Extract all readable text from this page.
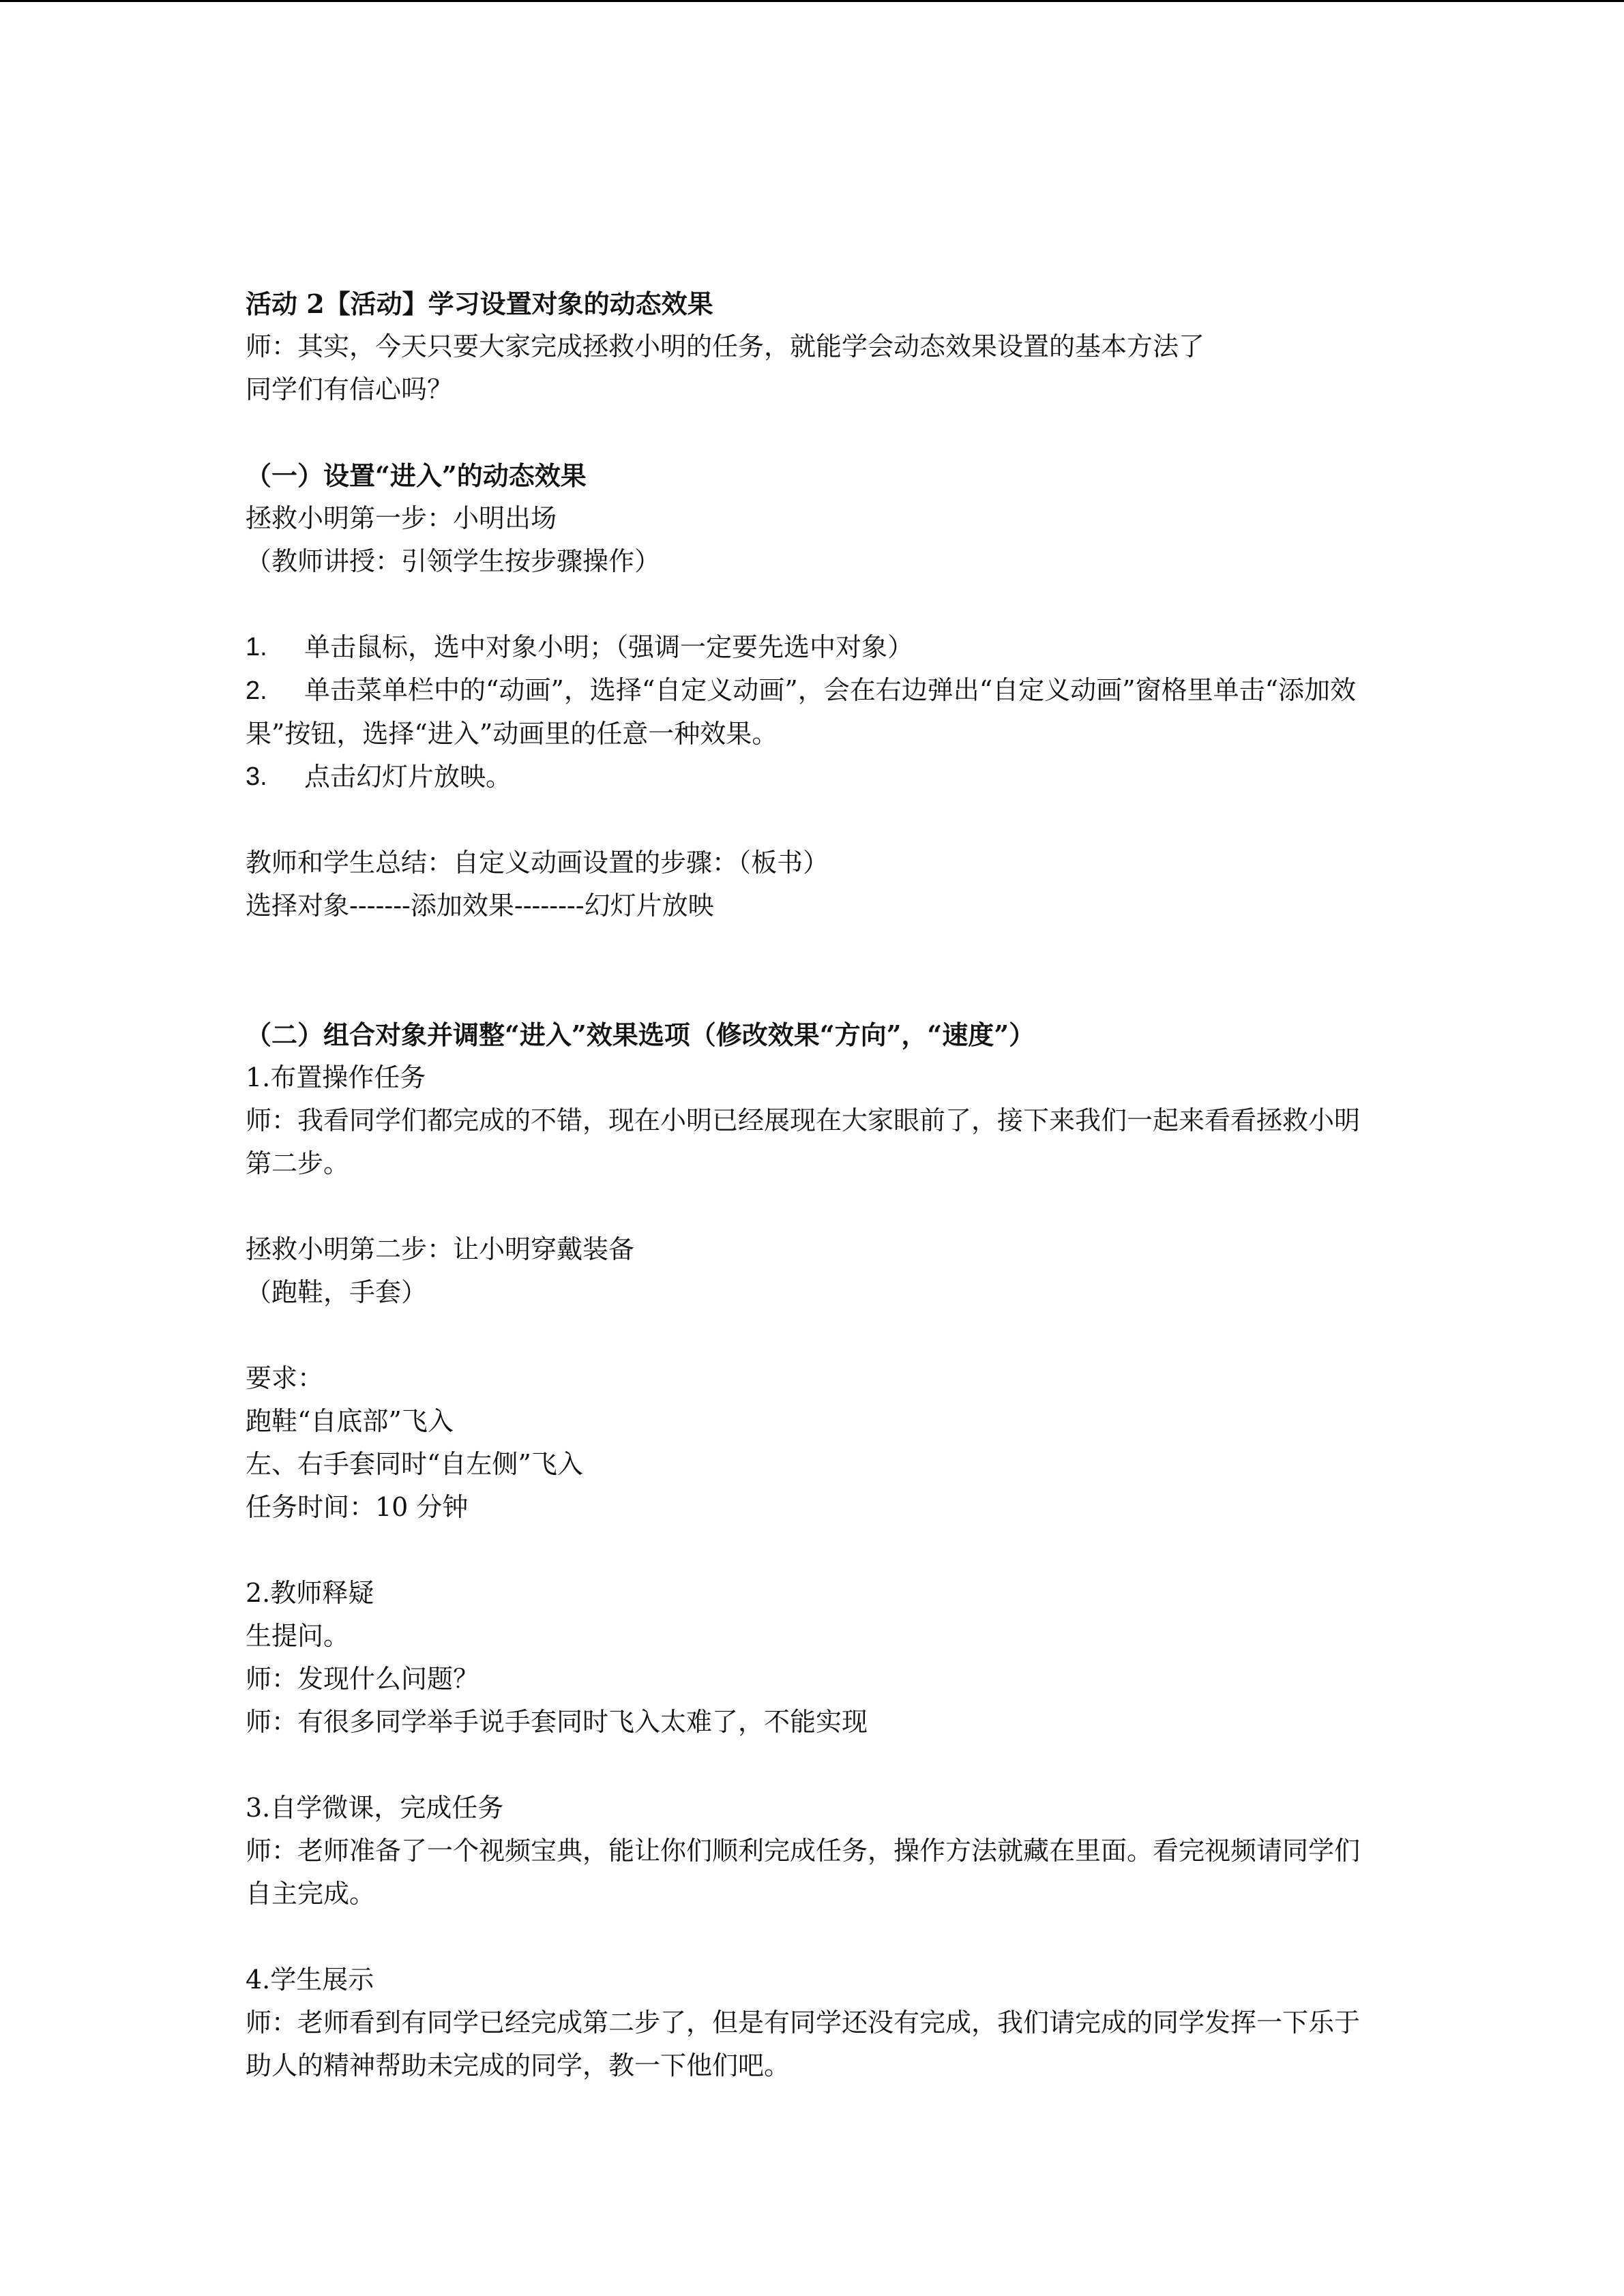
活动 2【活动】学习设置对象的动态效果
师：其实，今天只要大家完成拯救小明的任务，就能学会动态效果设置的基本方法了
同学们有信心吗？
（一）设置“进入”的动态效果
拯救小明第一步：小明出场
（教师讲授：引领学生按步骤操作）
1.	单击鼠标，选中对象小明；（强调一定要先选中对象）
2. 单击菜单栏中的“动画”，选择“自定义动画”，会在右边弹出“自定义动画”窗格里单击“添加效果”按钮，选择“进入”动画里的任意一种效果。
3.	点击幻灯片放映。
教师和学生总结：自定义动画设置的步骤：（板书）
选择对象-------添加效果--------幻灯片放映
（二）组合对象并调整“进入”效果选项（修改效果“方向”，“速度”）
1.布置操作任务
师：我看同学们都完成的不错，现在小明已经展现在大家眼前了，接下来我们一起来看看拯救小明第二步。
拯救小明第二步：让小明穿戴装备
（跑鞋，手套）
要求：
跑鞋“自底部”飞入
左、右手套同时“自左侧”飞入
任务时间：10 分钟
2.教师释疑
生提问。
师：发现什么问题？
师：有很多同学举手说手套同时飞入太难了，不能实现
3.自学微课，完成任务
师：老师准备了一个视频宝典，能让你们顺利完成任务，操作方法就藏在里面。看完视频请同学们自主完成。
4.学生展示
师：老师看到有同学已经完成第二步了，但是有同学还没有完成，我们请完成的同学发挥一下乐于助人的精神帮助未完成的同学，教一下他们吧。
